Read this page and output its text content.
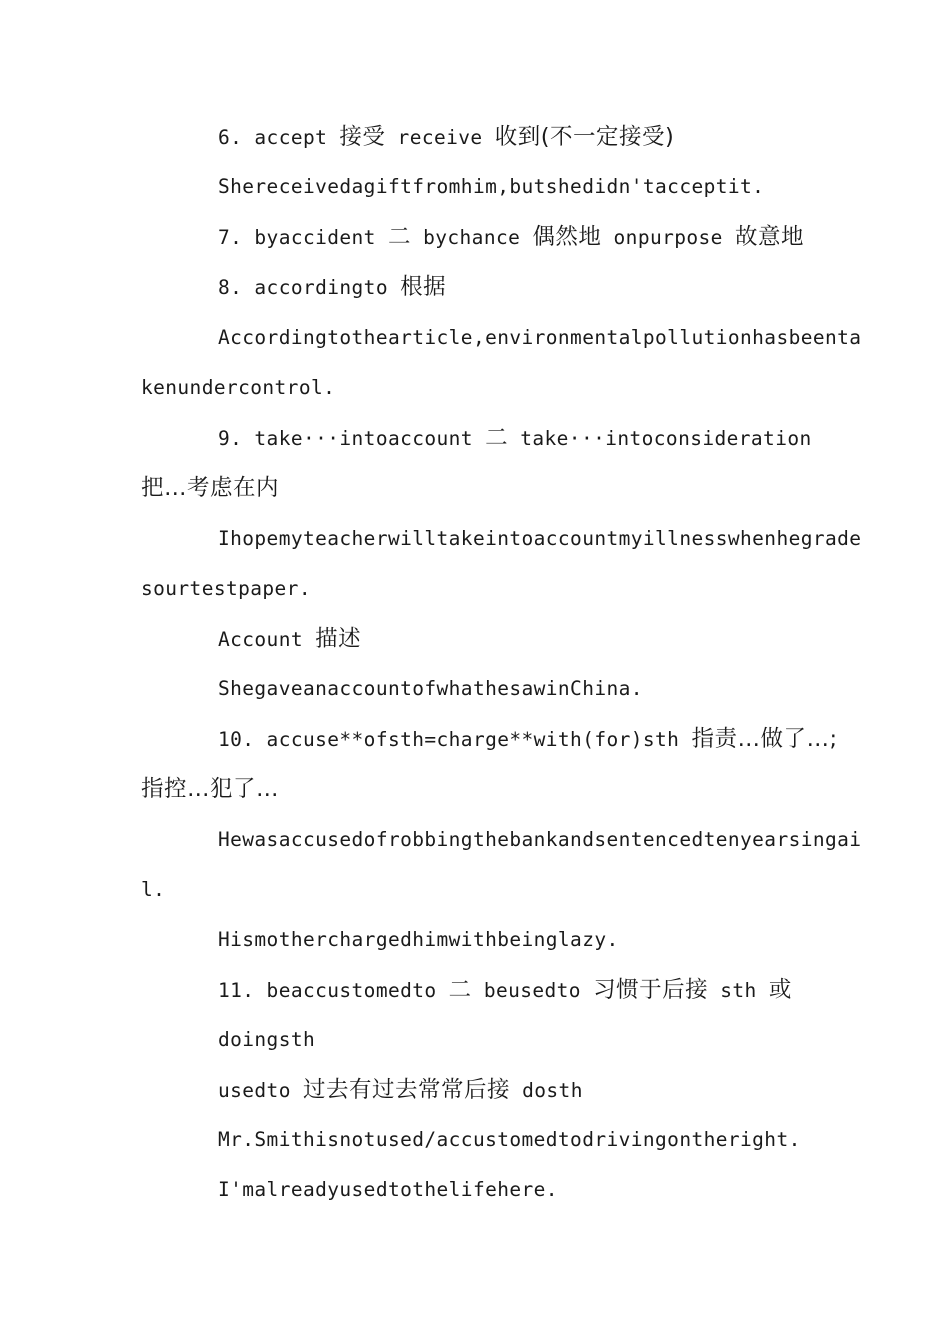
6. accept 接受 receive 收到(不一定接受)

Shereceivedagiftfromhim,butshedidn'tacceptit.

7. byaccident 二 bychance 偶然地 onpurpose 故意地

8. accordingto 根据

Accordingtothearticle,environmentalpollutionhasbeenta

kenundercontrol.

9. take···intoaccount 二 take···intoconsideration

把…考虑在内

Ihopemyteacherwilltakeintoaccountmyillnesswhenhegrade

sourtestpaper.

Account 描述

ShegaveanaccountofwhathesawinChina.

10. accuse**ofsth=charge**with(for)sth 指责…做了…;

指控…犯了…

Hewasaccusedofrobbingthebankandsentencedtenyearsingai

l.

Hismotherchargedhimwithbeinglazy.

11. beaccustomedto 二 beusedto 习惯于后接 sth 或

doingsth

usedto 过去有过去常常后接 dosth

Mr.Smithisnotused/accustomedtodrivingontheright.

I'malreadyusedtothelifehere.
